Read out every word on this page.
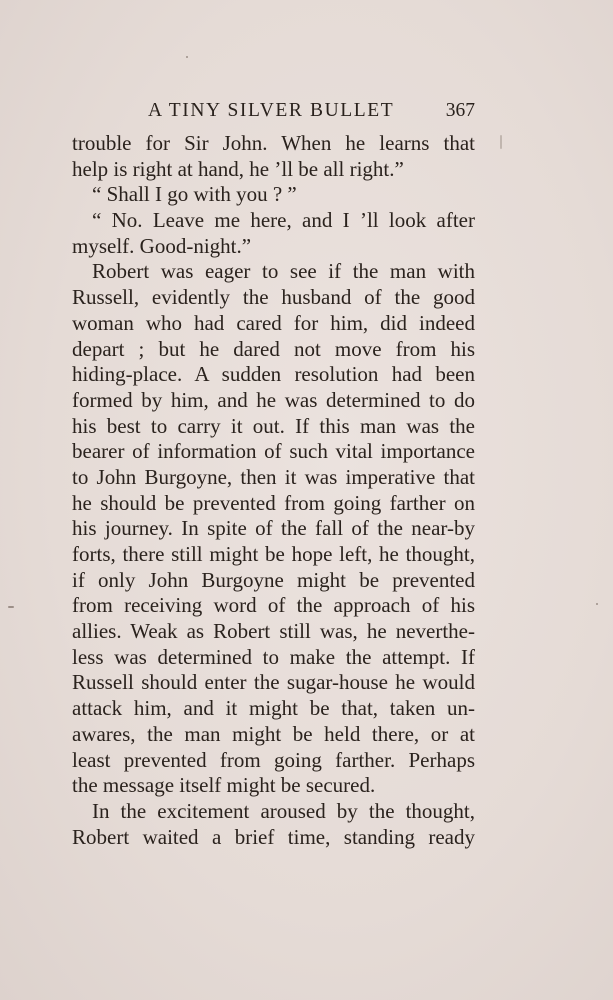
A TINY SILVER BULLET	367
trouble for Sir John. When he learns that
help is right at hand, he ’ll be all right.”
“ Shall I go with you ? ”
“ No. Leave me here, and I ’ll look after
myself. Good-night.”
Robert was eager to see if the man with
Russell, evidently the husband of the good
woman who had cared for him, did indeed
depart ; but he dared not move from his
hiding-place. A sudden resolution had been
formed by him, and he was determined to do
his best to carry it out. If this man was the
bearer of information of such vital importance
to John Burgoyne, then it was imperative that
he should be prevented from going farther on
his journey. In spite of the fall of the near-by
forts, there still might be hope left, he thought,
if only John Burgoyne might be prevented
from receiving word of the approach of his
allies. Weak as Robert still was, he neverthe-
less was determined to make the attempt. If
Russell should enter the sugar-house he would
attack him, and it might be that, taken un-
awares, the man might be held there, or at
least prevented from going farther. Perhaps
the message itself might be secured.
In the excitement aroused by the thought,
Robert waited a brief time, standing ready
